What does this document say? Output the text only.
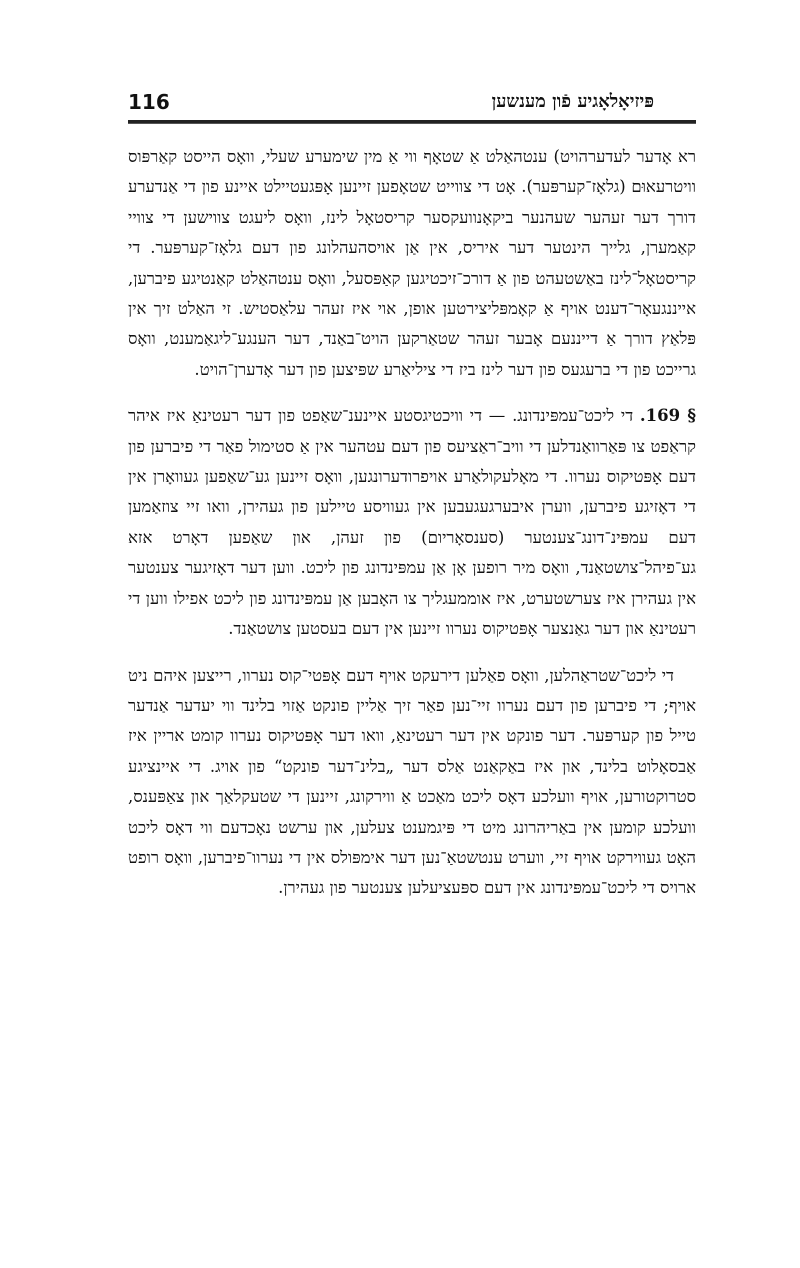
116	פּיזיאָלאָגיע פֿון מענשען

רא אָדער לעדערהויט) ענטהאַלט אַ שטאָף ווי אַ מין שימערע שעלי, וואָס הייסט קאַרפּוס וויטרעאוּם (גלאָז־קערפּער). אָט די צווייט שטאָפען זיינען אָפּגעטיילט איינע פון די אַנדערע דורך דער זעהער שעהנער ביקאָנוועקסער קריסטאָל לינז, וואָס ליעגט צווישען די צוויי קאַמערן, גלייך הינטער דער איריס, אין אַן אויסהעהלונג פון דעם גלאָז־קערפּער. די קריסטאָל־לינז באַשטעהט פון אַ דורכ־זיכטיגען קאַפּסעל, וואָס ענטהאַלט קאַנטיגע פיברען, אייננגעאָר־דענט אויף אַ קאָמפּליצירטען אופן, אוי איז זעהר עלאַסטיש. זי האַלט זיך אין פּלאַץ דורך אַ דייננעם אָבער זעהר שטאַרקען הויט־באַנד, דער הענגע־ליגאַמענט, וואָס גרייכט פון די ברעגעס פון דער לינז ביז די ציליאַרע שפּיצען פון דער אָדערן־הויט.

§ 169. די ליכט־עמפּינדונג. — די וויכטיגסטע איינענ־שאַפט פון דער רעטינאַ איז איהר קראַפט צו פּאַרוואַנדלען די וויב־ראַציעס פון דעם עטהער אין אַ סטימול פאַר די פיברען פון דעם אָפּטיקוס נערוו. די מאָלעקולאַרע אויפרודערונגען, וואָס זיינען גע־שאַפען געוואָרן אין די דאָזיגע פיברען, ווערן איבערגעגעבען אין געוויסע טיילען פון געהירן, וואו זיי צוזאַמען דעם עמפּינ־דונג־צענטער (סענסאָריום) פון זעהן, און שאַפען דאָרט אזא גע־פיהל־צושטאַנד, וואָס מיר רופען אָן אַן עמפּינדונג פון ליכט. ווען דער דאָזיגער צענטער אין געהירן איז צערשטערט, איז אוממעגליך צו האָבען אַן עמפּינדונג פון ליכט אפילו ווען די רעטינאַ און דער גאַנצער אָפּטיקוס נערוו זיינען אין דעם בעסטען צושטאַנד.

די ליכט־שטראַהלען, וואָס פאַלען דירעקט אויף דעם אָפּטי־קוס נערוו, רייצען איהם ניט אויף; די פיברען פון דעם נערוו זיי־נען פאַר זיך אַליין פונקט אַזוי בלינד ווי יעדער אַנדער טייל פון קערפּער. דער פונקט אין דער רעטינאַ, וואו דער אָפּטיקוס נערוו קומט אריין איז אַבסאָלוט בלינד, און איז באַקאַנט אַלס דער „בלינ־דער פונקט“ פון אויג. די איינציגע סטרוקטורען, אויף וועלכע דאָס ליכט מאַכט אַ ווירקונג, זיינען די שטעקלאַך און צאַפּענס, וועלכע קומען אין באַריהרונג מיט די פּיגמענט צעלען, און ערשט נאָכדעם ווי דאָס ליכט האָט געווירקט אויף זיי, ווערט ענטשטאַ־נען דער אימפּולס אין די נערוו־פיברען, וואָס רופט ארויס די ליכט־עמפּינדונג אין דעם ספּעציעלען צענטער פון געהירן.
